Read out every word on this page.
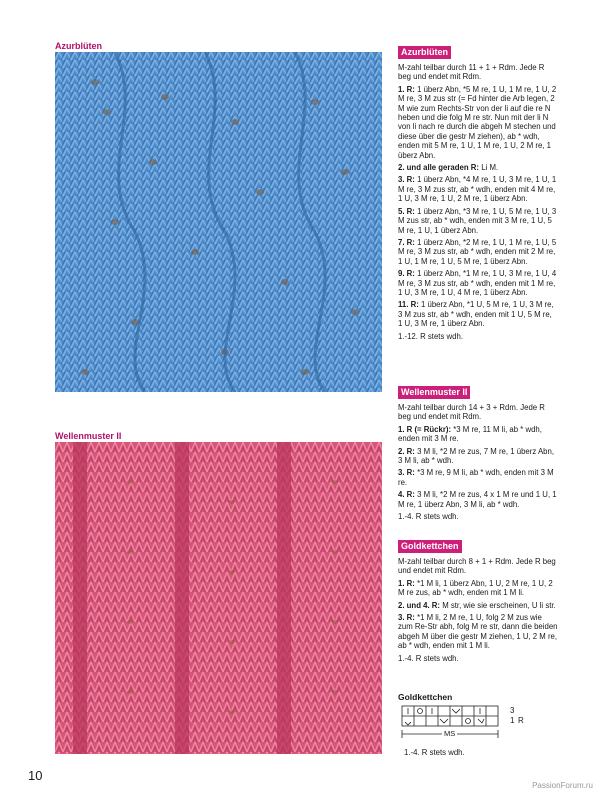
Azurblüten
Wellenmuster II
Azurblüten

M-zahl teilbar durch 11 + 1 + Rdm. Jede R beg und endet mit Rdm.

1. R: 1 überz Abn, *5 M re, 1 U, 1 M re, 1 U, 2 M re, 3 M zus str (= Fd hinter die Arb legen, 2 M wie zum Rechts-Str von der li auf die re N heben und die folg M re str. Nun mit der li N von li nach re durch die abgeh M stechen und diese über die gestr M ziehen), ab * wdh, enden mit 5 M re, 1 U, 1 M re, 1 U, 2 M re, 1 überz Abn.

2. und alle geraden R: Li M.

3. R: 1 überz Abn, *4 M re, 1 U, 3 M re, 1 U, 1 M re, 3 M zus str, ab * wdh, enden mit 4 M re, 1 U, 3 M re, 1 U, 2 M re, 1 überz Abn.

5. R: 1 überz Abn, *3 M re, 1 U, 5 M re, 1 U, 3 M zus str, ab * wdh, enden mit 3 M re, 1 U, 5 M re, 1 U, 1 überz Abn.

7. R: 1 überz Abn, *2 M re, 1 U, 1 M re, 1 U, 5 M re, 3 M zus str, ab * wdh, enden mit 2 M re, 1 U, 1 M re, 1 U, 5 M re, 1 überz Abn.

9. R: 1 überz Abn, *1 M re, 1 U, 3 M re, 1 U, 4 M re, 3 M zus str, ab * wdh, enden mit 1 M re, 1 U, 3 M re, 1 U, 4 M re, 1 überz Abn.

11. R: 1 überz Abn, *1 U, 5 M re, 1 U, 3 M re, 3 M zus str, ab * wdh, enden mit 1 U, 5 M re, 1 U, 3 M re, 1 überz Abn.

1.-12. R stets wdh.

Wellenmuster II

M-zahl teilbar durch 14 + 3 + Rdm. Jede R beg und endet mit Rdm.

1. R (= Rückr): *3 M re, 11 M li, ab * wdh, enden mit 3 M re.

2. R: 3 M li, *2 M re zus, 7 M re, 1 überz Abn, 3 M li, ab * wdh.

3. R: *3 M re, 9 M li, ab * wdh, enden mit 3 M re.

4. R: 3 M li, *2 M re zus, 4 x 1 M re und 1 U, 1 M re, 1 überz Abn, 3 M li, ab * wdh.

1.-4. R stets wdh.

Goldkettchen

M-zahl teilbar durch 8 + 1 + Rdm. Jede R beg und endet mit Rdm.

1. R: *1 M li, 1 überz Abn, 1 U, 2 M re, 1 U, 2 M re zus, ab * wdh, enden mit 1 M li.

2. und 4. R: M str, wie sie erscheinen, U li str.

3. R: *1 M li, 2 M re, 1 U, folg 2 M zus wie zum Re-Str abh, folg M re str, dann die beiden abgeh M über die gestr M ziehen, 1 U, 2 M re, ab * wdh, enden mit 1 M li.

1.-4. R stets wdh.

Goldkettchen
3
1 R
MS
1.-4. R stets wdh.
10
PassionForum.ru
